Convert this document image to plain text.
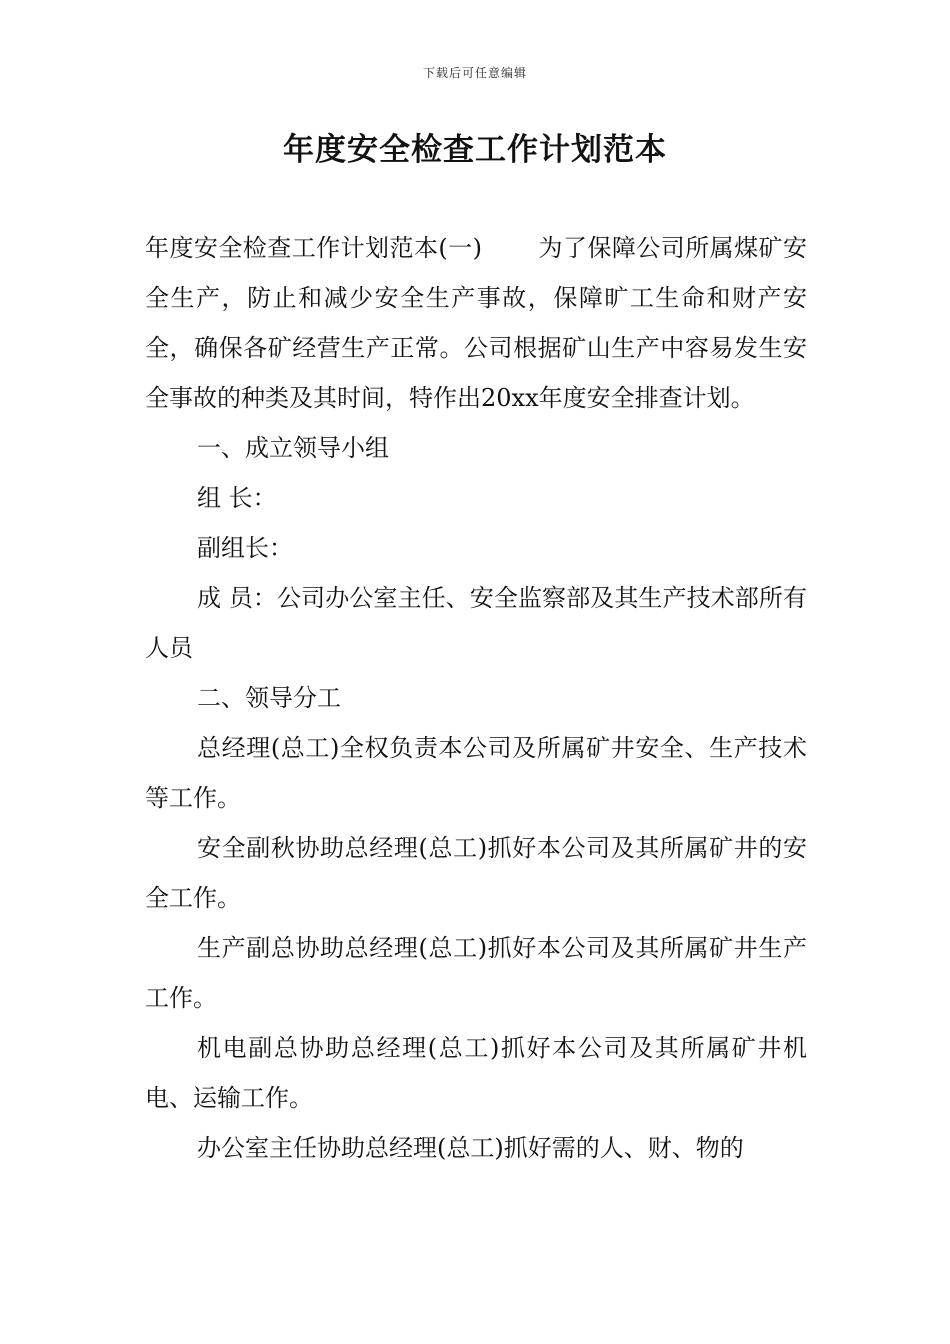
下载后可任意编辑
年度安全检查工作计划范本

年度安全检查工作计划范本(一) 为了保障公司所属煤矿安全生产，防止和减少安全生产事故，保障旷工生命和财产安全，确保各矿经营生产正常。公司根据矿山生产中容易发生安全事故的种类及其时间，特作出20xx年度安全排查计划。

一、成立领导小组

组 长：

副组长：

成 员：公司办公室主任、安全监察部及其生产技术部所有人员

二、领导分工

总经理(总工)全权负责本公司及所属矿井安全、生产技术等工作。

安全副秋协助总经理(总工)抓好本公司及其所属矿井的安全工作。

生产副总协助总经理(总工)抓好本公司及其所属矿井生产工作。

机电副总协助总经理(总工)抓好本公司及其所属矿井机电、运输工作。

办公室主任协助总经理(总工)抓好需的人、财、物的
